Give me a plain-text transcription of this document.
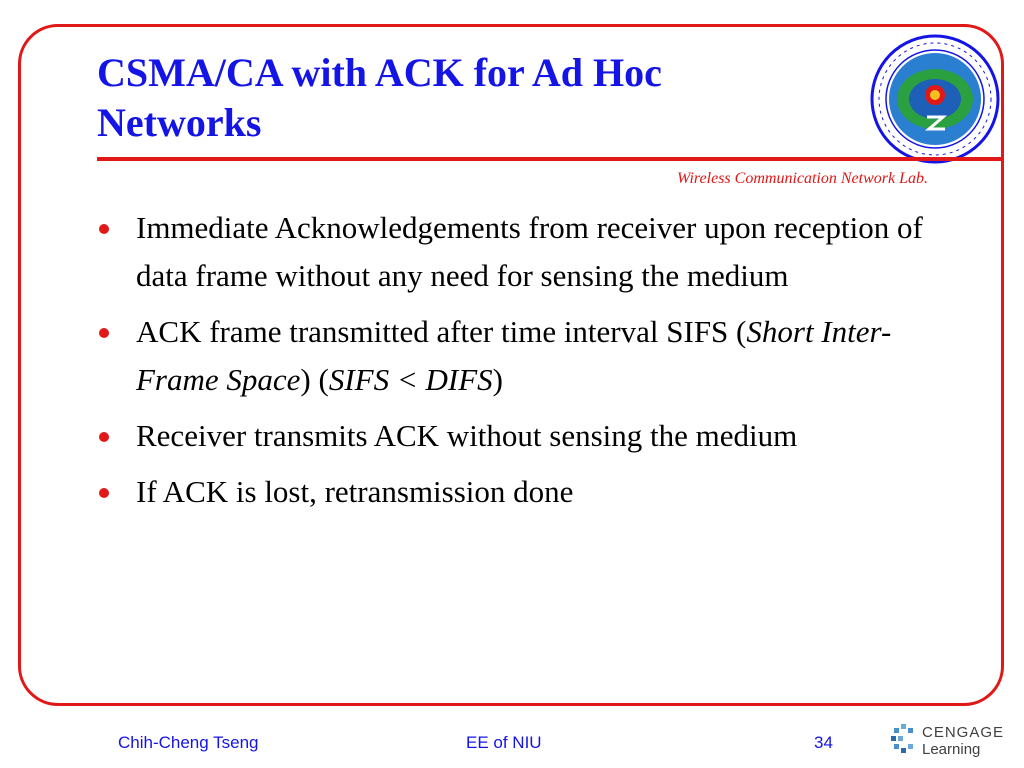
CSMA/CA with ACK for Ad Hoc
Networks
Wireless Communication Network Lab.
Immediate Acknowledgements from receiver upon reception of data frame without any need for sensing the medium
ACK frame transmitted after time interval SIFS (Short Inter-Frame Space) (SIFS < DIFS)
Receiver transmits ACK without sensing the medium
If ACK is lost, retransmission done
Chih-Cheng Tseng	EE of NIU	34
CENGAGE
Learning
